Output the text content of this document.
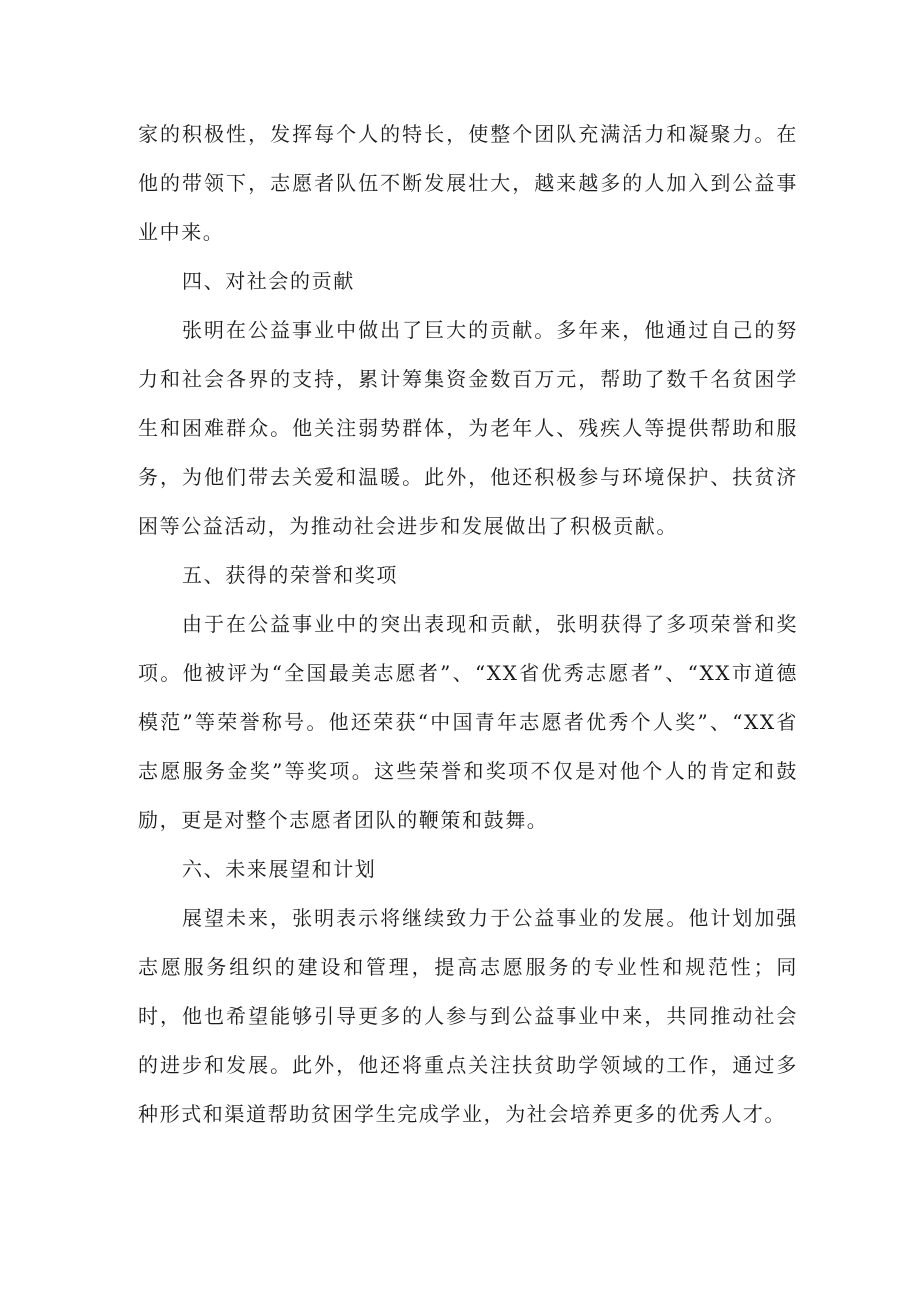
家的积极性，发挥每个人的特长，使整个团队充满活力和凝聚力。在他的带领下，志愿者队伍不断发展壮大，越来越多的人加入到公益事业中来。

四、对社会的贡献

张明在公益事业中做出了巨大的贡献。多年来，他通过自己的努力和社会各界的支持，累计筹集资金数百万元，帮助了数千名贫困学生和困难群众。他关注弱势群体，为老年人、残疾人等提供帮助和服务，为他们带去关爱和温暖。此外，他还积极参与环境保护、扶贫济困等公益活动，为推动社会进步和发展做出了积极贡献。

五、获得的荣誉和奖项

由于在公益事业中的突出表现和贡献，张明获得了多项荣誉和奖项。他被评为“全国最美志愿者”、“XX省优秀志愿者”、“XX市道德模范”等荣誉称号。他还荣获“中国青年志愿者优秀个人奖”、“XX省志愿服务金奖”等奖项。这些荣誉和奖项不仅是对他个人的肯定和鼓励，更是对整个志愿者团队的鞭策和鼓舞。

六、未来展望和计划

展望未来，张明表示将继续致力于公益事业的发展。他计划加强志愿服务组织的建设和管理，提高志愿服务的专业性和规范性；同时，他也希望能够引导更多的人参与到公益事业中来，共同推动社会的进步和发展。此外，他还将重点关注扶贫助学领域的工作，通过多种形式和渠道帮助贫困学生完成学业，为社会培养更多的优秀人才。
